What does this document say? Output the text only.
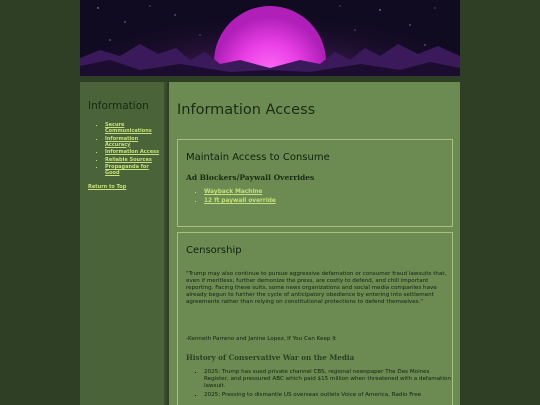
Information
▪ Secure Communications
▪ Information Accuracy
▪ Information Access
▪ Reliable Sources
▪ Propaganda for Good
Return to Top
Information Access
Maintain Access to Consume
Ad Blockers/Paywall Overrides
▪ Wayback Machine
▪ 12 ft paywall override
Censorship

"Trump may also continue to pursue aggressive defamation or consumer fraud lawsuits that, even if meritless, further demonize the press, are costly to defend, and chill important reporting. Facing these suits, some news organizations and social media companies have already begun to further the cycle of anticipatory obedience by entering into settlement agreements rather than relying on constitutional protections to defend themselves."

-Kenneth Parreno and Janine Lopez, If You Can Keep It

History of Conservative War on the Media

▪ 2025: Trump has sued private channel CBS, regional newspaper The Des Moines Register, and pressured ABC which paid $15 million when threatened with a defamation lawsuit.
▪ 2025: Pressing to dismantle US overseas outlets Voice of America, Radio Free
